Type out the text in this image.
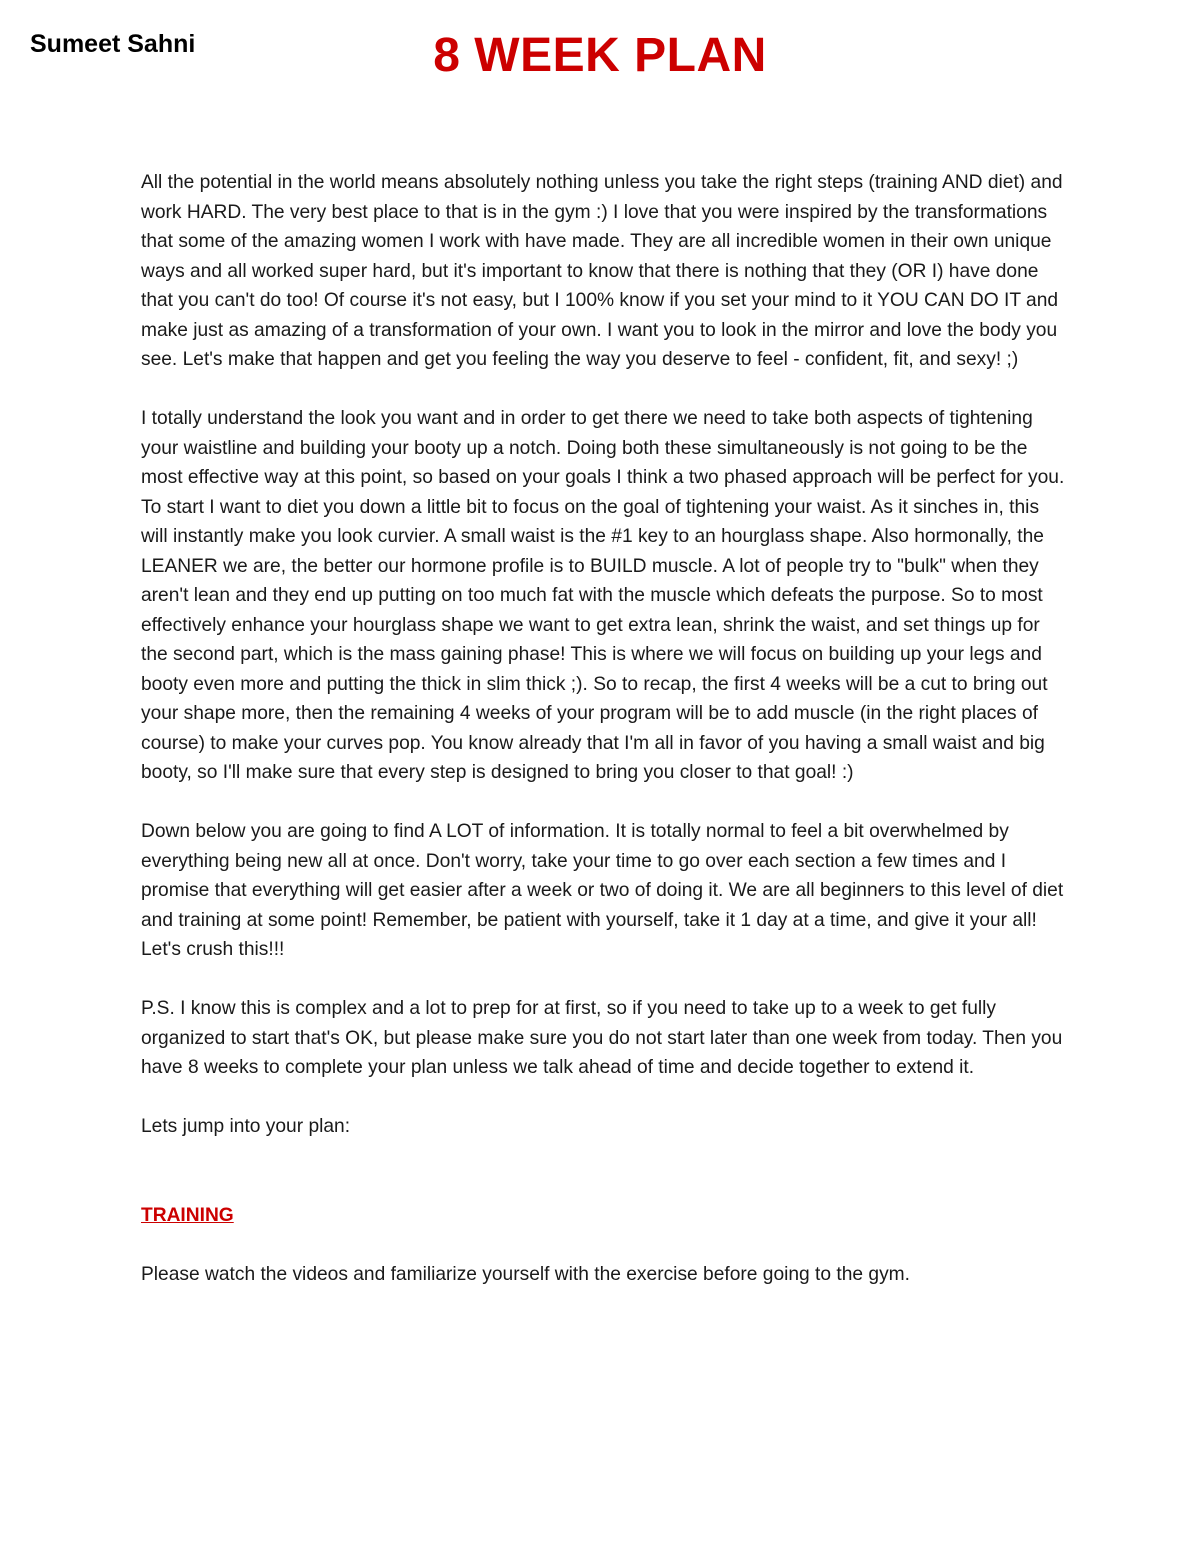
Sumeet Sahni	8 WEEK PLAN

All the potential in the world means absolutely nothing unless you take the right steps (training AND diet) and work HARD. The very best place to that is in the gym :) I love that you were inspired by the transformations that some of the amazing women I work with have made. They are all incredible women in their own unique ways and all worked super hard, but it's important to know that there is nothing that they (OR I) have done that you can't do too! Of course it's not easy, but I 100% know if you set your mind to it YOU CAN DO IT and make just as amazing of a transformation of your own. I want you to look in the mirror and love the body you see. Let's make that happen and get you feeling the way you deserve to feel - confident, fit, and sexy! ;)

I totally understand the look you want and in order to get there we need to take both aspects of tightening your waistline and building your booty up a notch. Doing both these simultaneously is not going to be the most effective way at this point, so based on your goals I think a two phased approach will be perfect for you. To start I want to diet you down a little bit to focus on the goal of tightening your waist. As it sinches in, this will instantly make you look curvier. A small waist is the #1 key to an hourglass shape. Also hormonally, the LEANER we are, the better our hormone profile is to BUILD muscle. A lot of people try to "bulk" when they aren't lean and they end up putting on too much fat with the muscle which defeats the purpose. So to most effectively enhance your hourglass shape we want to get extra lean, shrink the waist, and set things up for the second part, which is the mass gaining phase! This is where we will focus on building up your legs and booty even more and putting the thick in slim thick ;). So to recap, the first 4 weeks will be a cut to bring out your shape more, then the remaining 4 weeks of your program will be to add muscle (in the right places of course) to make your curves pop. You know already that I'm all in favor of you having a small waist and big booty, so I'll make sure that every step is designed to bring you closer to that goal! :)

Down below you are going to find A LOT of information. It is totally normal to feel a bit overwhelmed by everything being new all at once. Don't worry, take your time to go over each section a few times and I promise that everything will get easier after a week or two of doing it. We are all beginners to this level of diet and training at some point! Remember, be patient with yourself, take it 1 day at a time, and give it your all! Let's crush this!!!

P.S. I know this is complex and a lot to prep for at first, so if you need to take up to a week to get fully organized to start that's OK, but please make sure you do not start later than one week from today. Then you have 8 weeks to complete your plan unless we talk ahead of time and decide together to extend it.

Lets jump into your plan:

TRAINING

Please watch the videos and familiarize yourself with the exercise before going to the gym.
